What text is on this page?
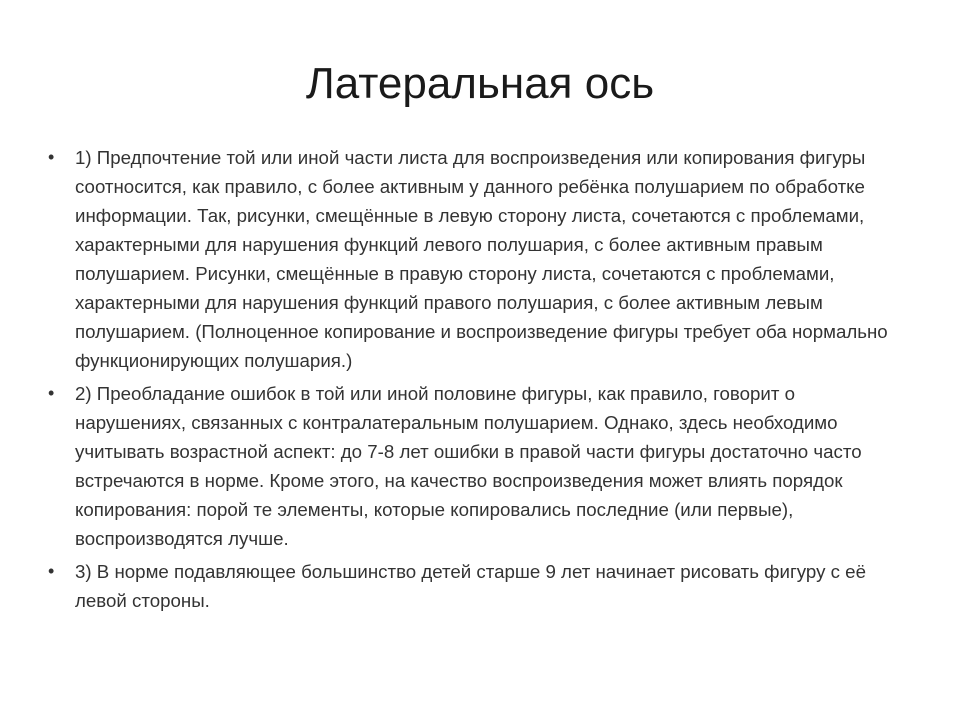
Латеральная ось
•	1) Предпочтение той или иной части листа для воспроизведения или копирования фигуры соотносится, как правило, с более активным у данного ребёнка полушарием по обработке информации. Так, рисунки, смещённые в левую сторону листа, сочетаются с проблемами, характерными для нарушения функций левого полушария, с более активным правым полушарием. Рисунки, смещённые в правую сторону листа, сочетаются с проблемами, характерными для нарушения функций правого полушария, с более активным левым полушарием. (Полноценное копирование и воспроизведение фигуры требует оба нормально функционирующих полушария.)
•	2) Преобладание ошибок в той или иной половине фигуры, как правило, говорит о нарушениях, связанных с контралатеральным полушарием. Однако, здесь необходимо учитывать возрастной аспект: до 7-8 лет ошибки в правой части фигуры достаточно часто встречаются в норме. Кроме этого, на качество воспроизведения может влиять порядок копирования: порой те элементы, которые копировались последние (или первые), воспроизводятся лучше.
•	3) В норме подавляющее большинство детей старше 9 лет начинает рисовать фигуру с её левой стороны.
